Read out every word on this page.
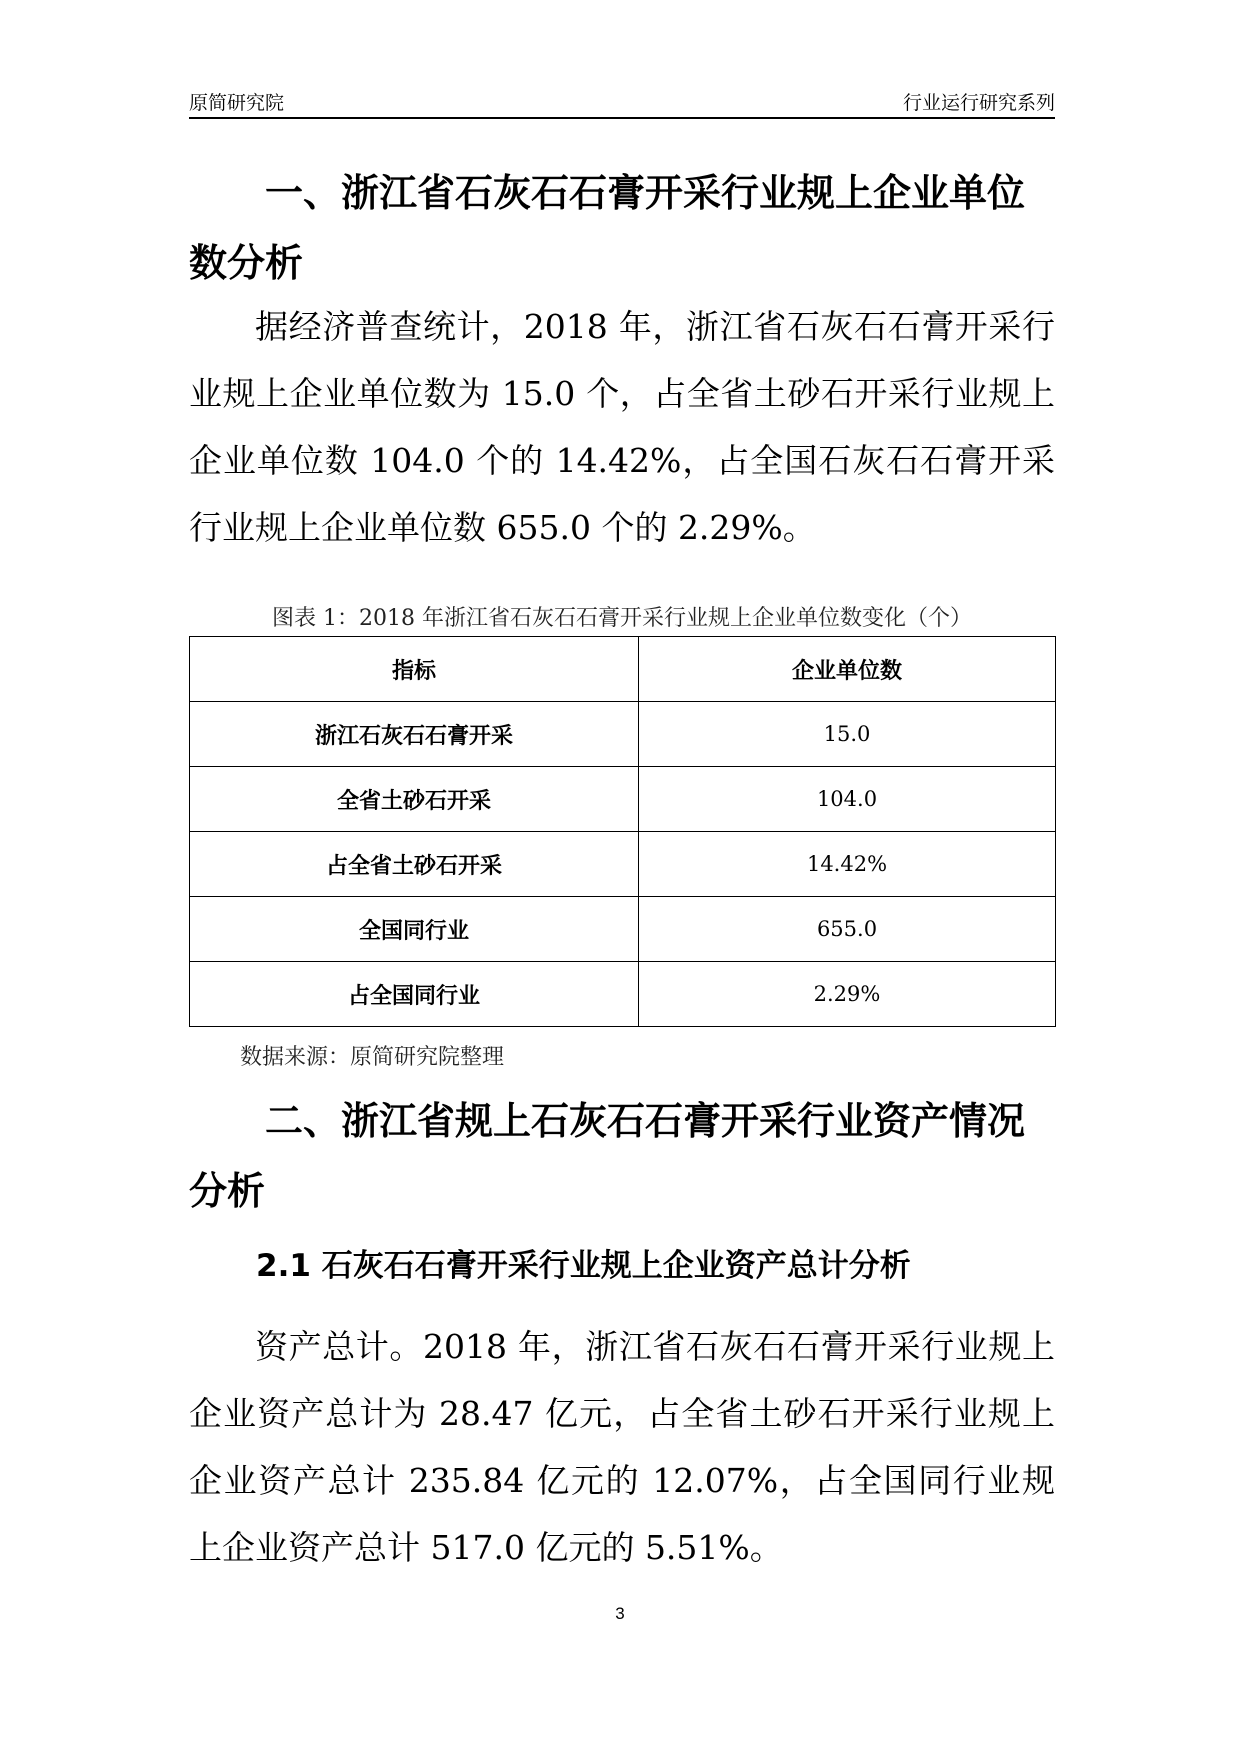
原简研究院	行业运行研究系列
一、浙江省石灰石石膏开采行业规上企业单位数分析

据经济普查统计，2018 年，浙江省石灰石石膏开采行业规上企业单位数为 15.0 个，占全省土砂石开采行业规上企业单位数 104.0 个的 14.42%，占全国石灰石石膏开采行业规上企业单位数 655.0 个的 2.29%。

图表 1：2018 年浙江省石灰石石膏开采行业规上企业单位数变化（个）
指标	企业单位数
浙江石灰石石膏开采	15.0
全省土砂石开采	104.0
占全省土砂石开采	14.42%
全国同行业	655.0
占全国同行业	2.29%
数据来源：原简研究院整理
二、浙江省规上石灰石石膏开采行业资产情况分析
2.1 石灰石石膏开采行业规上企业资产总计分析

资产总计。2018 年，浙江省石灰石石膏开采行业规上企业资产总计为 28.47 亿元，占全省土砂石开采行业规上企业资产总计 235.84 亿元的 12.07%，占全国同行业规上企业资产总计 517.0 亿元的 5.51%。

3
